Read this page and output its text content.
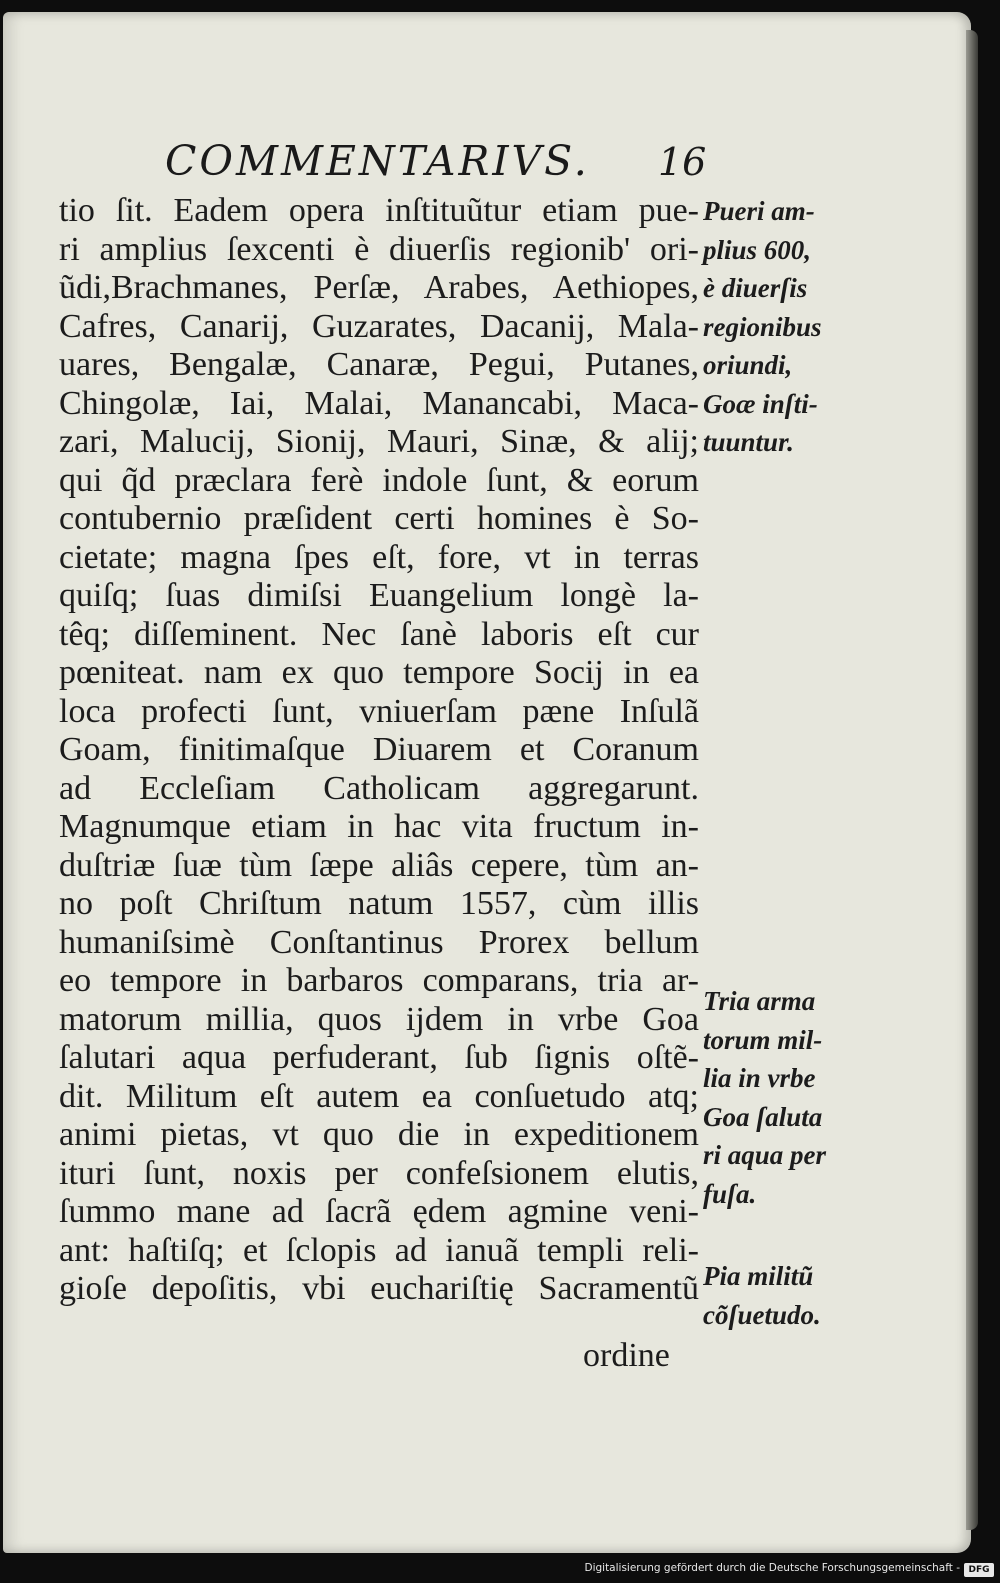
COMMENTARIVS. 16
tio ſit. Eadem opera inſtituũtur etiam pue-
ri amplius ſexcenti è diuerſis regionib' ori-
ũdi,Brachmanes, Perſæ, Arabes, Aethiopes,
Cafres, Canarij, Guzarates, Dacanij, Mala-
uares, Bengalæ, Canaræ, Pegui, Putanes,
Chingolæ, Iai, Malai, Manancabi, Maca-
zari, Malucij, Sionij, Mauri, Sinæ, & alij;
qui q̃d præclara ferè indole ſunt, & eorum
contubernio præſident certi homines è So-
cietate; magna ſpes eſt, fore, vt in terras
quiſq; ſuas dimiſsi Euangelium longè la-
têq; diſſeminent. Nec ſanè laboris eſt cur
pœniteat. nam ex quo tempore Socij in ea
loca profecti ſunt, vniuerſam pæne Inſulã
Goam, finitimaſque Diuarem et Coranum
ad Eccleſiam Catholicam aggregarunt.
Magnumque etiam in hac vita fructum in-
duſtriæ ſuæ tùm ſæpe aliâs cepere, tùm an-
no poſt Chriſtum natum 1557, cùm illis
humaniſsimè Conſtantinus Prorex bellum
eo tempore in barbaros comparans, tria ar-
matorum millia, quos ijdem in vrbe Goa
ſalutari aqua perfuderant, ſub ſignis oſtẽ-
dit. Militum eſt autem ea conſuetudo atq;
animi pietas, vt quo die in expeditionem
ituri ſunt, noxis per confeſsionem elutis,
ſummo mane ad ſacrã ędem agmine veni-
ant: haſtiſq; et ſclopis ad ianuã templi reli-
gioſe depoſitis, vbi euchariſtię Sacramentũ
ordine
Pueri am-
plius 600,
è diuerſis
regionibus
oriundi,
Goæ inſti-
tuuntur.
Tria arma
torum mil-
lia in vrbe
Goa ſaluta
ri aqua per
fuſa.
Pia militũ
cõſuetudo.
Digitalisierung gefördert durch die Deutsche Forschungsgemeinschaft - DFG
